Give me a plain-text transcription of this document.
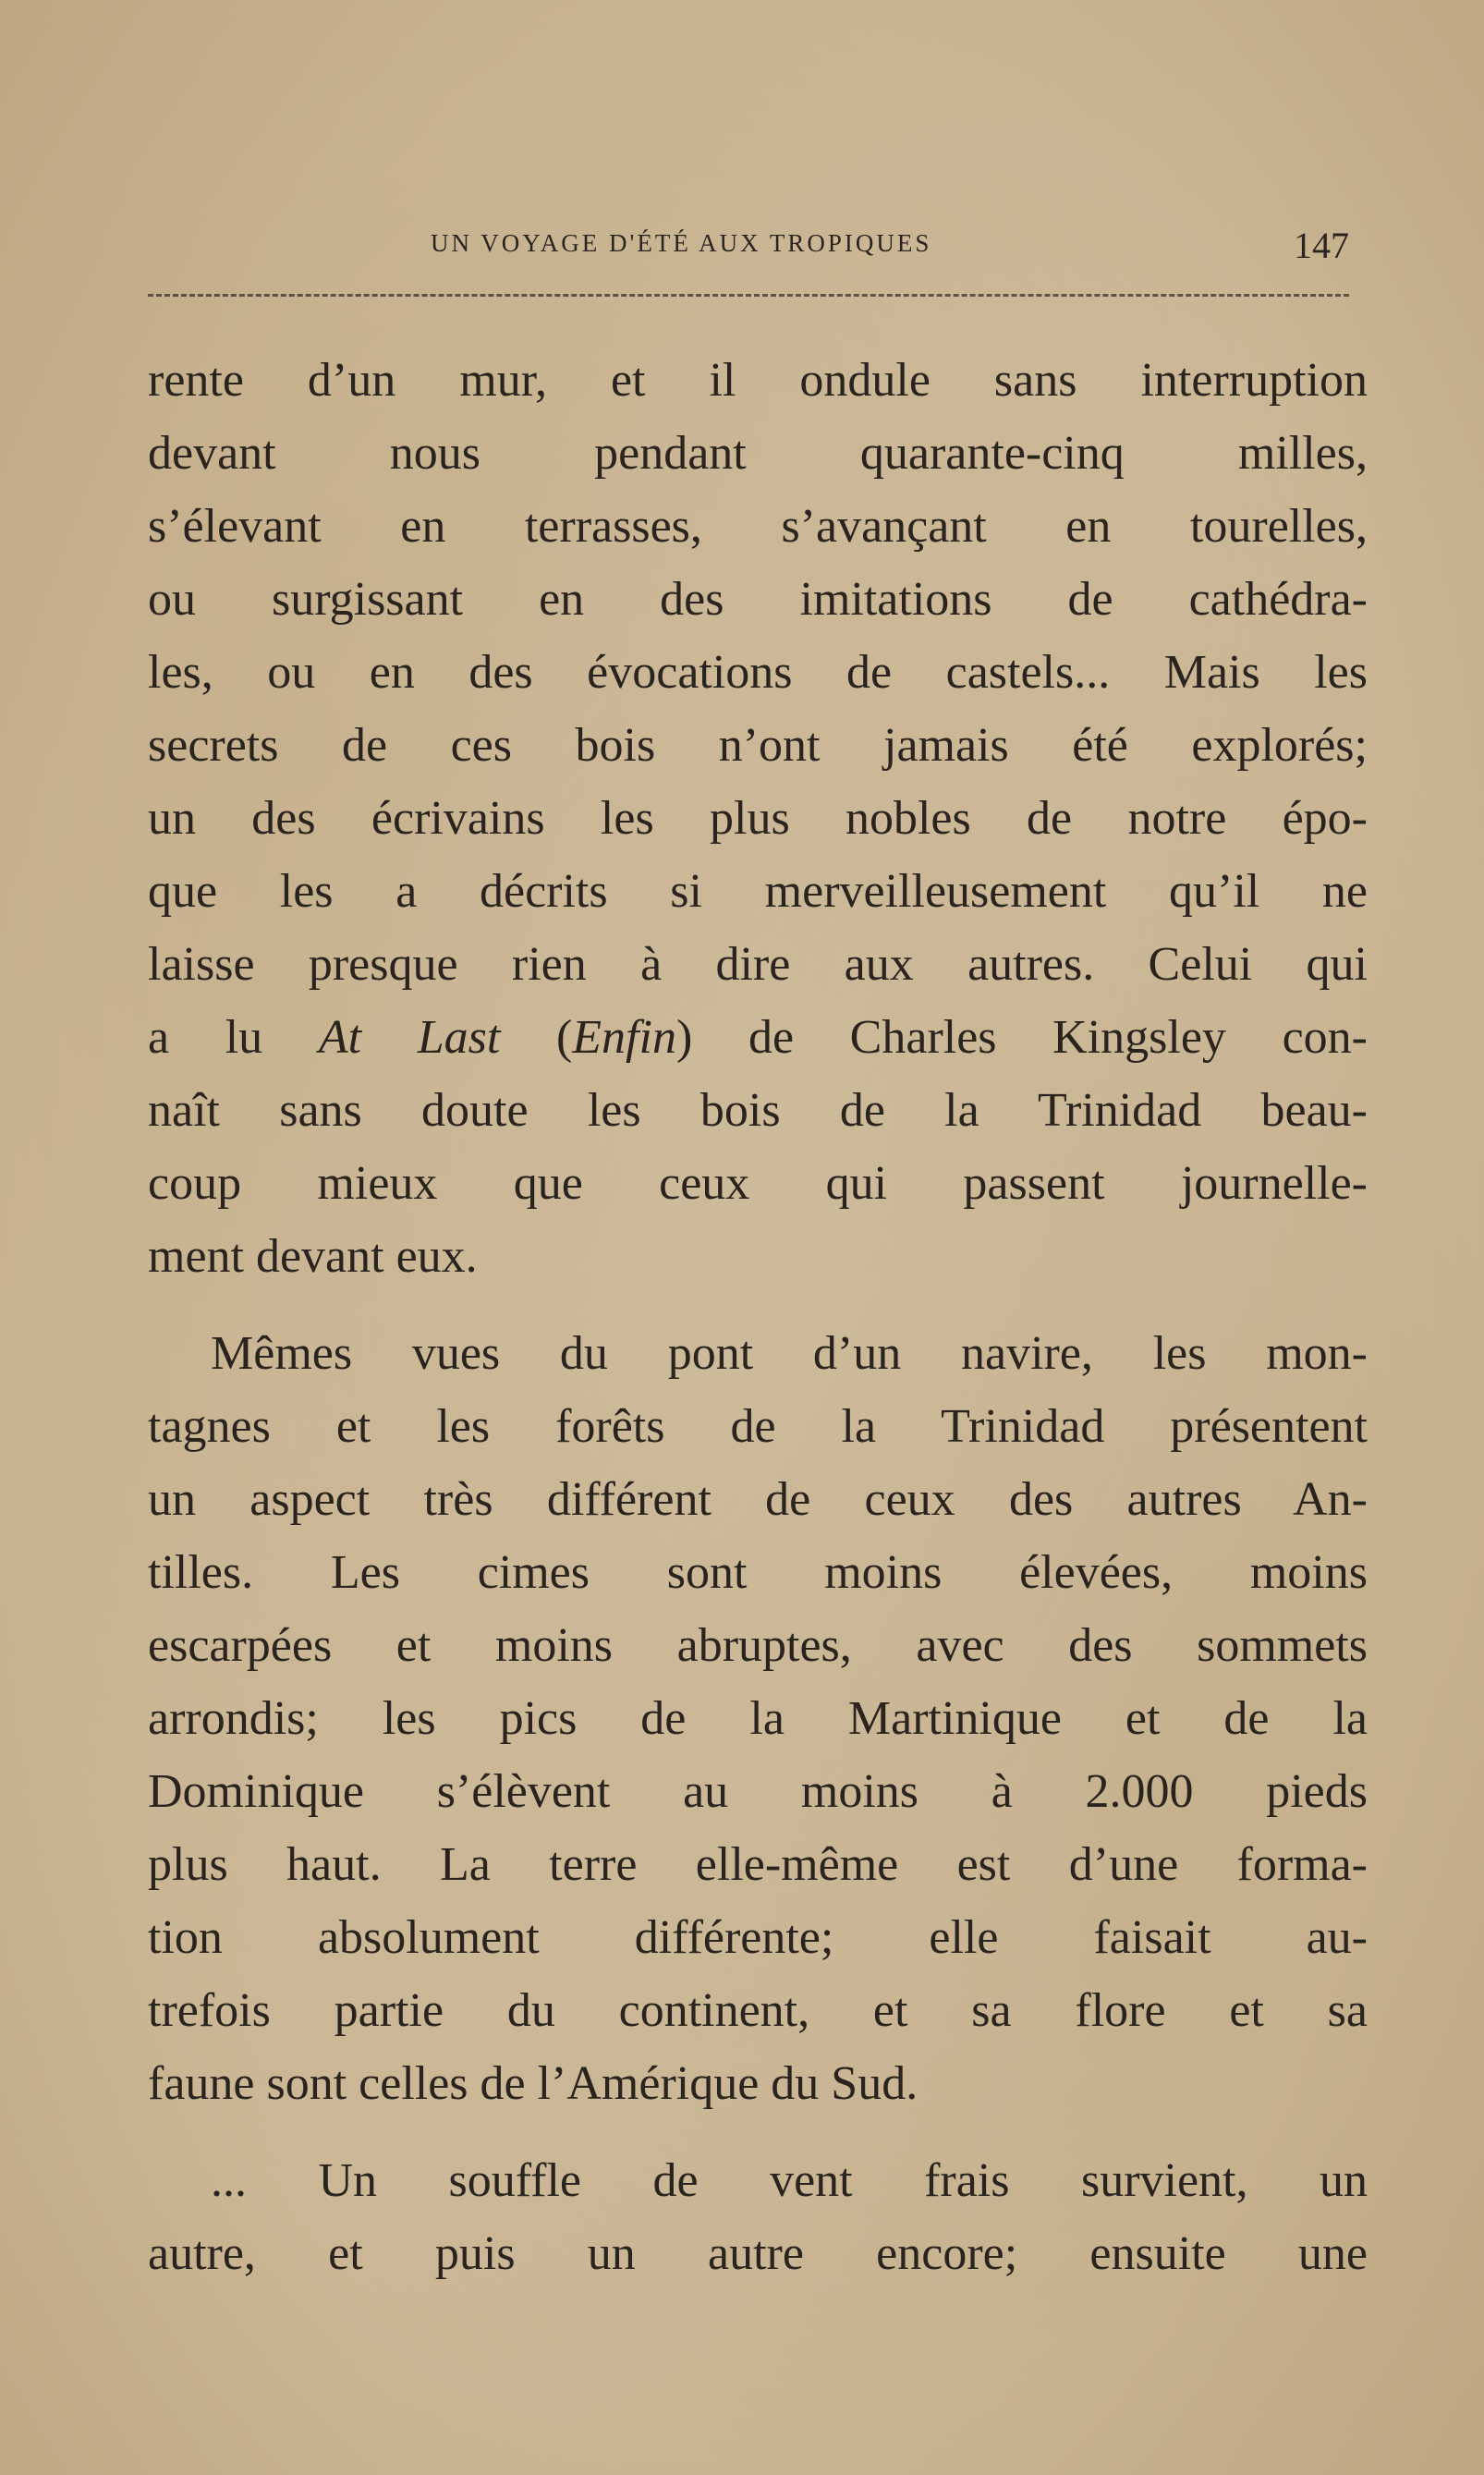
UN VOYAGE D'ÉTÉ AUX TROPIQUES	147
rente d’un mur, et il ondule sans interruption
devant nous pendant quarante-cinq milles,
s’élevant en terrasses, s’avançant en tourelles,
ou surgissant en des imitations de cathédra-
les, ou en des évocations de castels... Mais les
secrets de ces bois n’ont jamais été explorés;
un des écrivains les plus nobles de notre épo-
que les a décrits si merveilleusement qu’il ne
laisse presque rien à dire aux autres. Celui qui
a lu At Last (Enfin) de Charles Kingsley con-
naît sans doute les bois de la Trinidad beau-
coup mieux que ceux qui passent journelle-
ment devant eux.
Mêmes vues du pont d’un navire, les mon-
tagnes et les forêts de la Trinidad présentent
un aspect très différent de ceux des autres An-
tilles. Les cimes sont moins élevées, moins
escarpées et moins abruptes, avec des sommets
arrondis; les pics de la Martinique et de la
Dominique s’élèvent au moins à 2.000 pieds
plus haut. La terre elle-même est d’une forma-
tion absolument différente; elle faisait au-
trefois partie du continent, et sa flore et sa
faune sont celles de l’Amérique du Sud.
... Un souffle de vent frais survient, un
autre, et puis un autre encore; ensuite une
